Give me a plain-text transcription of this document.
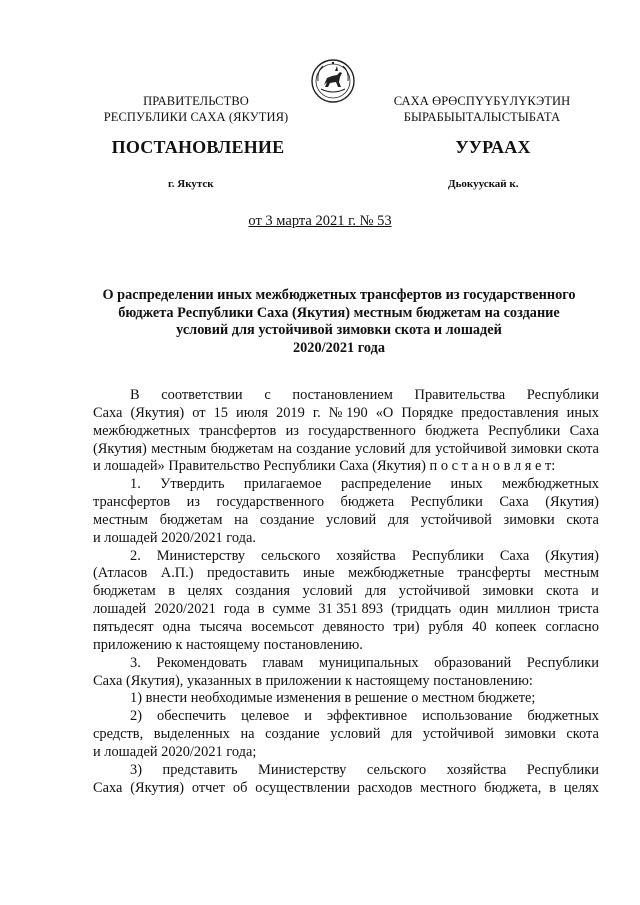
ПРАВИТЕЛЬСТВО
РЕСПУБЛИКИ САХА (ЯКУТИЯ)
САХА ӨРӨСПҮҮБҮЛҮКЭТИН
БЫРАБЫЫТАЛЫСТЫБАТА
ПОСТАНОВЛЕНИЕ	УУРААХ
г. Якутск	Дьокуускай к.
от 3 марта 2021 г. № 53
О распределении иных межбюджетных трансфертов из государственного
бюджета Республики Саха (Якутия) местным бюджетам на создание
условий для устойчивой зимовки скота и лошадей
2020/2021 года
В соответствии с постановлением Правительства Республики
Саха (Якутия) от 15 июля 2019 г. № 190 «О Порядке предоставления иных
межбюджетных трансфертов из государственного бюджета Республики Саха
(Якутия) местным бюджетам на создание условий для устойчивой зимовки скота
и лошадей» Правительство Республики Саха (Якутия) п о с т а н о в л я е т:
1. Утвердить прилагаемое распределение иных межбюджетных
трансфертов из государственного бюджета Республики Саха (Якутия)
местным бюджетам на создание условий для устойчивой зимовки скота
и лошадей 2020/2021 года.
2. Министерству сельского хозяйства Республики Саха (Якутия)
(Атласов А.П.) предоставить иные межбюджетные трансферты местным
бюджетам в целях создания условий для устойчивой зимовки скота и
лошадей 2020/2021 года в сумме 31 351 893 (тридцать один миллион триста
пятьдесят одна тысяча восемьсот девяносто три) рубля 40 копеек согласно
приложению к настоящему постановлению.
3. Рекомендовать главам муниципальных образований Республики
Саха (Якутия), указанных в приложении к настоящему постановлению:
1) внести необходимые изменения в решение о местном бюджете;
2) обеспечить целевое и эффективное использование бюджетных
средств, выделенных на создание условий для устойчивой зимовки скота
и лошадей 2020/2021 года;
3) представить Министерству сельского хозяйства Республики
Саха (Якутия) отчет об осуществлении расходов местного бюджета, в целях
